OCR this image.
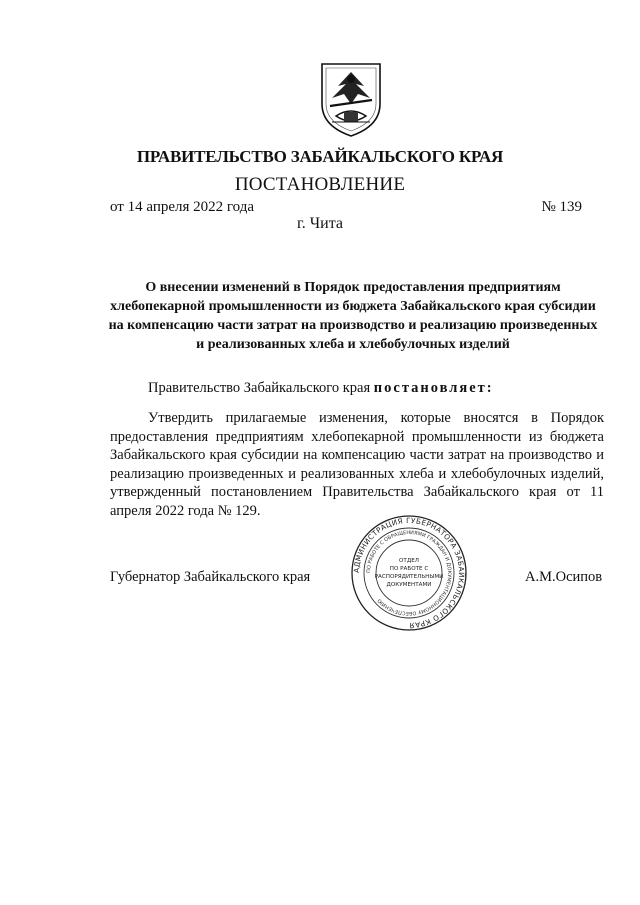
ПРАВИТЕЛЬСТВО ЗАБАЙКАЛЬСКОГО КРАЯ
ПОСТАНОВЛЕНИЕ
от 14 апреля 2022 года	№ 139
г. Чита
О внесении изменений в Порядок предоставления предприятиям хлебопекарной промышленности из бюджета Забайкальского края субсидии на компенсацию части затрат на производство и реализацию произведенных и реализованных хлеба и хлебобулочных изделий
Правительство Забайкальского края постановляет:

Утвердить прилагаемые изменения, которые вносятся в Порядок предоставления предприятиям хлебопекарной промышленности из бюджета Забайкальского края субсидии на компенсацию части затрат на производство и реализацию произведенных и реализованных хлеба и хлебобулочных изделий, утвержденный постановлением Правительства Забайкальского края от 11 апреля 2022 года № 129.

Губернатор Забайкальского края	А.М.Осипов
АДМИНИСТРАЦИЯ ГУБЕРНАТОРА ЗАБАЙКАЛЬСКОГО КРАЯ
ПО РАБОТЕ С ОБРАЩЕНИЯМИ ГРАЖДАН И ДОКУМЕНТАЦИОННОМУ ОБЕСПЕЧЕНИЮ
ОТДЕЛ
ПО РАБОТЕ С
РАСПОРЯДИТЕЛЬНЫМИ
ДОКУМЕНТАМИ
